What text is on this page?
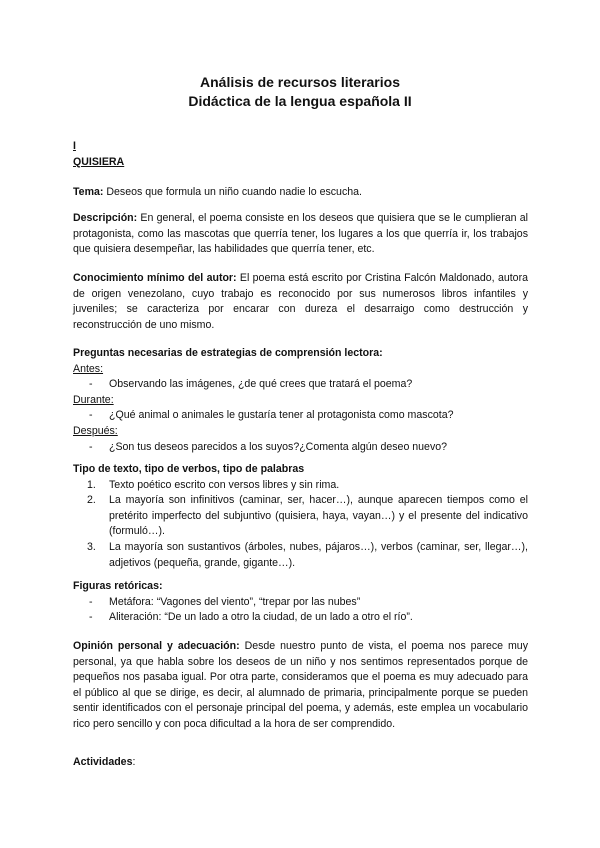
Análisis de recursos literarios
Didáctica de la lengua española II
I
QUISIERA
Tema: Deseos que formula un niño cuando nadie lo escucha.
Descripción: En general, el poema consiste en los deseos que quisiera que se le cumplieran al protagonista, como las mascotas que querría tener, los lugares a los que querría ir, los trabajos que quisiera desempeñar, las habilidades que querría tener, etc.
Conocimiento mínimo del autor: El poema está escrito por Cristina Falcón Maldonado, autora de origen venezolano, cuyo trabajo es reconocido por sus numerosos libros infantiles y juveniles; se caracteriza por encarar con dureza el desarraigo como destrucción y reconstrucción de uno mismo.
Preguntas necesarias de estrategias de comprensión lectora:
Antes:
- Observando las imágenes, ¿de qué crees que tratará el poema?
Durante:
- ¿Qué animal o animales le gustaría tener al protagonista como mascota?
Después:
- ¿Son tus deseos parecidos a los suyos?¿Comenta algún deseo nuevo?
Tipo de texto, tipo de verbos, tipo de palabras
1. Texto poético escrito con versos libres y sin rima.
2. La mayoría son infinitivos (caminar, ser, hacer…), aunque aparecen tiempos como el pretérito imperfecto del subjuntivo (quisiera, haya, vayan…) y el presente del indicativo (formuló…).
3. La mayoría son sustantivos (árboles, nubes, pájaros…), verbos (caminar, ser, llegar…), adjetivos (pequeña, grande, gigante…).
Figuras retóricas:
- Metáfora: “Vagones del viento”, “trepar por las nubes”
- Aliteración: “De un lado a otro la ciudad, de un lado a otro el río”.
Opinión personal y adecuación: Desde nuestro punto de vista, el poema nos parece muy personal, ya que habla sobre los deseos de un niño y nos sentimos representados porque de pequeños nos pasaba igual. Por otra parte, consideramos que el poema es muy adecuado para el público al que se dirige, es decir, al alumnado de primaria, principalmente porque se pueden sentir identificados con el personaje principal del poema, y además, este emplea un vocabulario rico pero sencillo y con poca dificultad a la hora de ser comprendido.
Actividades:
